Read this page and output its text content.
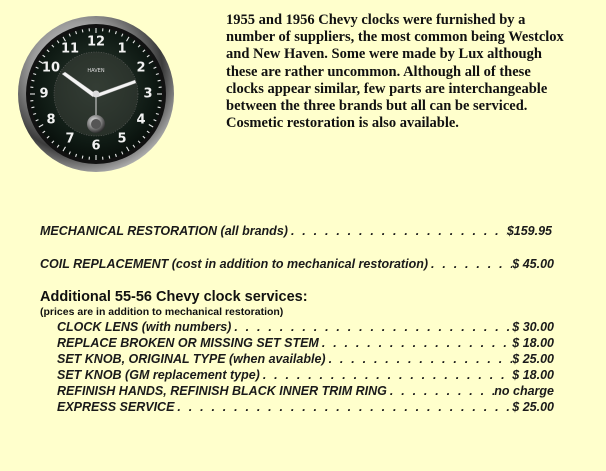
12 1
2
3
4
5
6
7
8
9
10
11
HAVEN

1955 and 1956 Chevy clocks were furnished by a number of suppliers, the most common being Westclox and New Haven. Some were made by Lux although these are rather uncommon. Although all of these clocks appear similar, few parts are interchangeable between the three brands but all can be serviced. Cosmetic restoration is also available.

MECHANICAL RESTORATION (all brands) . . .	$159.95
COIL REPLACEMENT (cost in addition to mechanical restoration) . . .	$ 45.00
Additional 55-56 Chevy clock services:

(prices are in addition to mechanical restoration)

CLOCK LENS (with numbers) . . .	$ 30.00
REPLACE BROKEN OR MISSING SET STEM . . .	$ 18.00
SET KNOB, ORIGINAL TYPE (when available) . . .	$ 25.00
SET KNOB (GM replacement type) . . .	$ 18.00
REFINISH HANDS, REFINISH BLACK INNER TRIM RING . . .	no charge
EXPRESS SERVICE . . .	$ 25.00
